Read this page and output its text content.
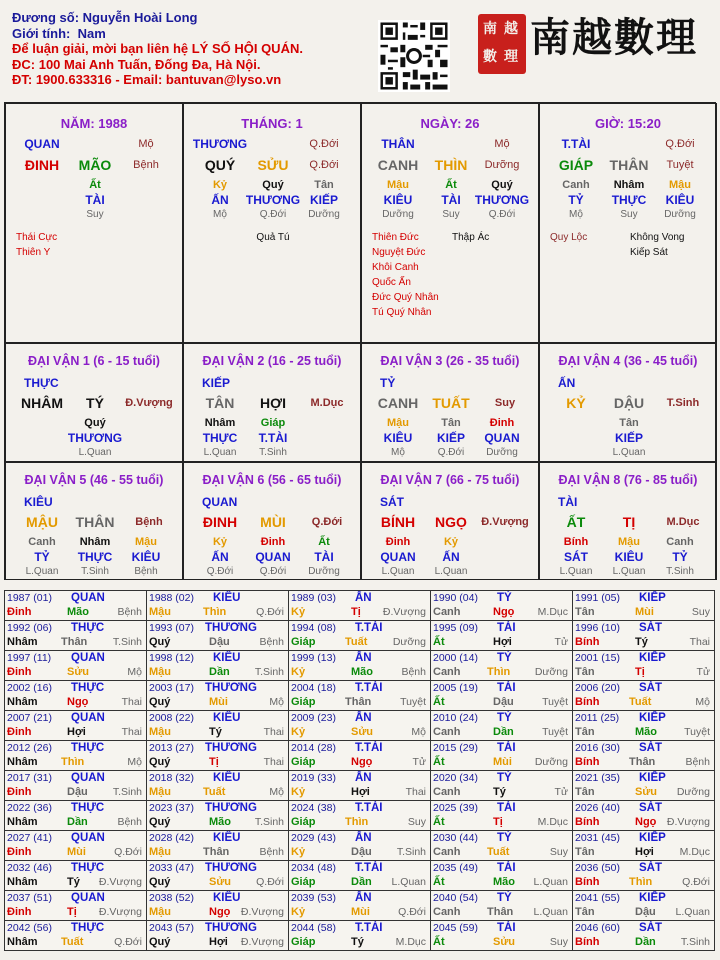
Đương số: Nguyễn Hoài Long
Giới tính: Nam
Để luận giải, mời bạn liên hệ LÝ SỐ HỘI QUÁN.
ĐC: 100 Mai Anh Tuấn, Đống Đa, Hà Nội.
ĐT: 1900.633316 - Email: bantuvan@lyso.vn
南 越
數 理 南越數理
NĂM: 1988
QUAN	Mộ
ĐINH MÃO Bệnh
Ất
TÀI
Suy
Thái Cực
Thiên Y
THÁNG: 1
THƯƠNG	Q.Đới
QUÝ SỬU Q.Đới
Kỷ
ẤN
Mộ
Quý
THƯƠNG
Q.Đới
Tân
KIẾP
Dưỡng
Quả Tú
NGÀY: 26
THÂN	Mộ
CANH THÌN Dưỡng
Mậu
KIÊU
Dưỡng
Ất
TÀI
Suy
Quý
THƯƠNG
Q.Đới
Thiên Đức
Nguyệt Đức
Khôi Canh
Quốc Ấn
Đức Quý Nhân
Tú Quý Nhân
Thập Ác
GIỜ: 15:20
T.TÀI	Q.Đới
GIÁP THÂN Tuyệt
Canh
TỶ
Mộ
Nhâm
THỰC
Suy
Mậu
KIÊU
Dưỡng
Quy Lộc	Không Vong
Kiếp Sát
ĐẠI VẬN 1 (6 - 15 tuổi)
THỰC
NHÂM TÝ Đ.Vượng
Quý
THƯƠNG
L.Quan
ĐẠI VẬN 2 (16 - 25 tuổi)
KIẾP
TÂN HỢI M.Dục
Nhâm
THỰC
L.Quan
Giáp
T.TÀI
T.Sinh
ĐẠI VẬN 3 (26 - 35 tuổi)
TỶ
CANH TUẤT Suy
Mậu
KIÊU
Mộ
Tân
KIẾP
Q.Đới
Đinh
QUAN
Dưỡng
ĐẠI VẬN 4 (36 - 45 tuổi)
ẤN
KỶ DẬU T.Sinh
Tân
KIẾP
L.Quan
ĐẠI VẬN 5 (46 - 55 tuổi)
KIÊU
MẬU THÂN Bệnh
Canh
TỶ
L.Quan
Nhâm
THỰC
T.Sinh
Mậu
KIÊU
Bệnh
ĐẠI VẬN 6 (56 - 65 tuổi)
QUAN
ĐINH MÙI Q.Đới
Kỷ
ẤN
Q.Đới
Đinh
QUAN
Q.Đới
Ất
TÀI
Dưỡng
ĐẠI VẬN 7 (66 - 75 tuổi)
SÁT
BÍNH NGỌ Đ.Vượng
Đinh
QUAN
L.Quan
Kỷ
ẤN
L.Quan
ĐẠI VẬN 8 (76 - 85 tuổi)
TÀI
ẤT	TỊ	M.Dục
Bính
SÁT
L.Quan
Mậu
KIÊU
L.Quan
Canh
TỶ
T.Sinh
1987 (01) QUAN
Đinh	Mão	Bệnh
1988 (02) KIÊU
Mậu	Thìn	Q.Đới
1989 (03) ẤN
Kỷ	Tị Đ.Vượng
1990 (04) TỶ
Canh	Ngọ M.Dục
1991 (05) KIẾP
Tân	Mùi	Suy
1992 (06) THỰC
Nhâm Thân T.Sinh
1993 (07) THƯƠNG
Quý	Dậu	Bệnh
1994 (08) T.TÀI
Giáp	Tuất Dưỡng
1995 (09) TÀI
Ất	Hợi	Tử
1996 (10) SÁT
Bính	Tý	Thai
1997 (11) QUAN
Đinh	Sửu	Mộ
1998 (12) KIÊU
Mậu	Dần T.Sinh
1999 (13) ẤN
Kỷ	Mão	Bệnh
2000 (14) TỶ
Canh Thìn Dưỡng
2001 (15) KIẾP
Tân	Tị	Tử
2002 (16) THỰC
Nhâm	Ngọ	Thai
2003 (17) THƯƠNG
Quý	Mùi	Mộ
2004 (18) T.TÀI
Giáp	Thân	Tuyệt
2005 (19) TÀI
Ất	Dậu	Tuyệt
2006 (20) SÁT
Bính	Tuất	Mộ
2007 (21) QUAN
Đinh	Hợi	Thai
2008 (22) KIÊU
Mậu	Tý	Thai
2009 (23) ẤN
Kỷ	Sửu	Mộ
2010 (24) TỶ
Canh	Dần	Tuyệt
2011 (25) KIẾP
Tân	Mão	Tuyệt
2012 (26) THỰC
Nhâm Thìn	Mộ
2013 (27) THƯƠNG
Quý	Tị	Thai
2014 (28) T.TÀI
Giáp	Ngọ	Tử
2015 (29) TÀI
Ất	Mùi Dưỡng
2016 (30) SÁT
Bính	Thân	Bệnh
2017 (31) QUAN
Đinh	Dậu T.Sinh
2018 (32) KIÊU
Mậu	Tuất	Mộ
2019 (33) ẤN
Kỷ	Hợi	Thai
2020 (34) TỶ
Canh	Tý	Tử
2021 (35) KIẾP
Tân	Sửu Dưỡng
2022 (36) THỰC
Nhâm	Dần	Bệnh
2023 (37) THƯƠNG
Quý	Mão T.Sinh
2024 (38) T.TÀI
Giáp	Thìn	Suy
2025 (39) TÀI
Ất	Tị	M.Dục
2026 (40) SÁT
Bính	Ngọ Đ.Vượng
2027 (41) QUAN
Đinh	Mùi	Q.Đới
2028 (42) KIÊU
Mậu	Thân	Bệnh
2029 (43) ẤN
Kỷ	Dậu T.Sinh
2030 (44) TỶ
Canh Tuất	Suy
2031 (45) KIẾP
Tân	Hợi M.Dục
2032 (46) THỰC
Nhâm	Tý Đ.Vượng
2033 (47) THƯƠNG
Quý	Sửu Q.Đới
2034 (48) T.TÀI
Giáp	Dần L.Quan
2035 (49) TÀI
Ất	Mão L.Quan
2036 (50) SÁT
Bính	Thìn	Q.Đới
2037 (51) QUAN
Đinh	Tị Đ.Vượng
2038 (52) KIÊU
Mậu	Ngọ Đ.Vượng
2039 (53) ẤN
Kỷ	Mùi	Q.Đới
2040 (54) TỶ
Canh Thân L.Quan
2041 (55) KIẾP
Tân	Dậu L.Quan
2042 (56) THỰC
Nhâm Tuất	Q.Đới
2043 (57) THƯƠNG
Quý	Hợi Đ.Vượng
2044 (58) T.TÀI
Giáp	Tý	M.Dục
2045 (59) TÀI
Ất	Sửu	Suy
2046 (60) SÁT
Bính	Dần T.Sinh
